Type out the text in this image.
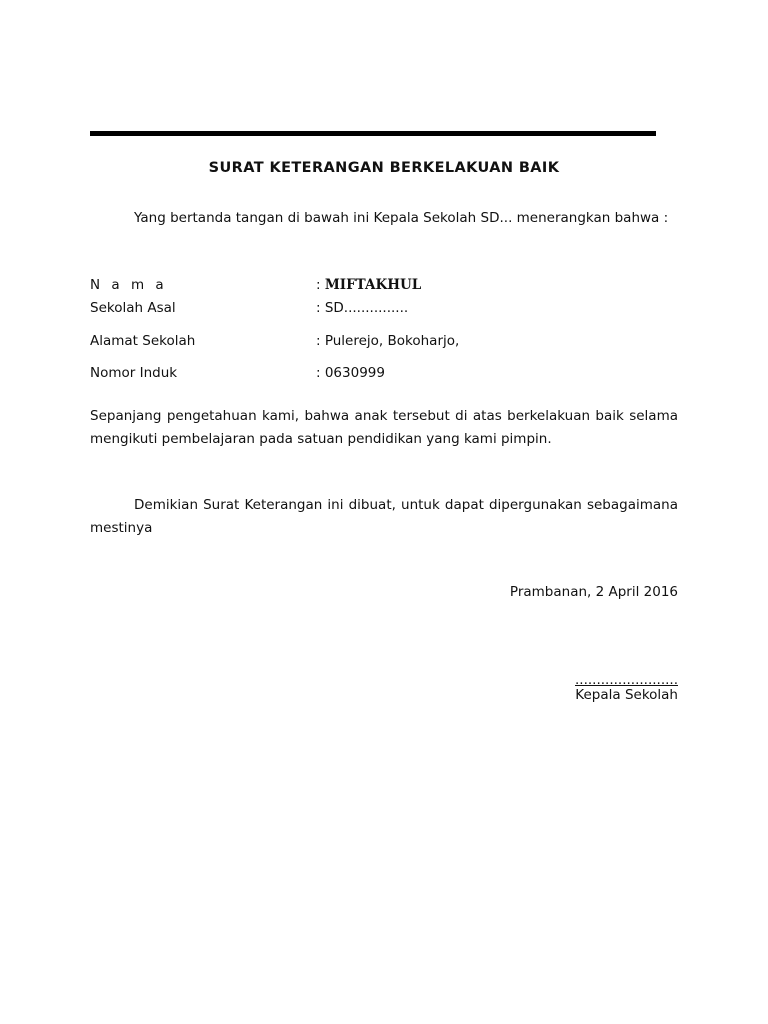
SURAT KETERANGAN BERKELAKUAN BAIK
Yang bertanda tangan di bawah ini Kepala Sekolah SD... menerangkan bahwa :
N a m a	: MIFTAKHUL
Sekolah Asal	: SD...............
Alamat Sekolah	: Pulerejo, Bokoharjo,
Nomor Induk	: 0630999
Sepanjang pengetahuan kami, bahwa anak tersebut di atas berkelakuan baik selama mengikuti pembelajaran pada satuan pendidikan yang kami pimpin.
Demikian Surat Keterangan ini dibuat, untuk dapat dipergunakan sebagaimana mestinya
Prambanan, 2 April 2016
........................
Kepala Sekolah
